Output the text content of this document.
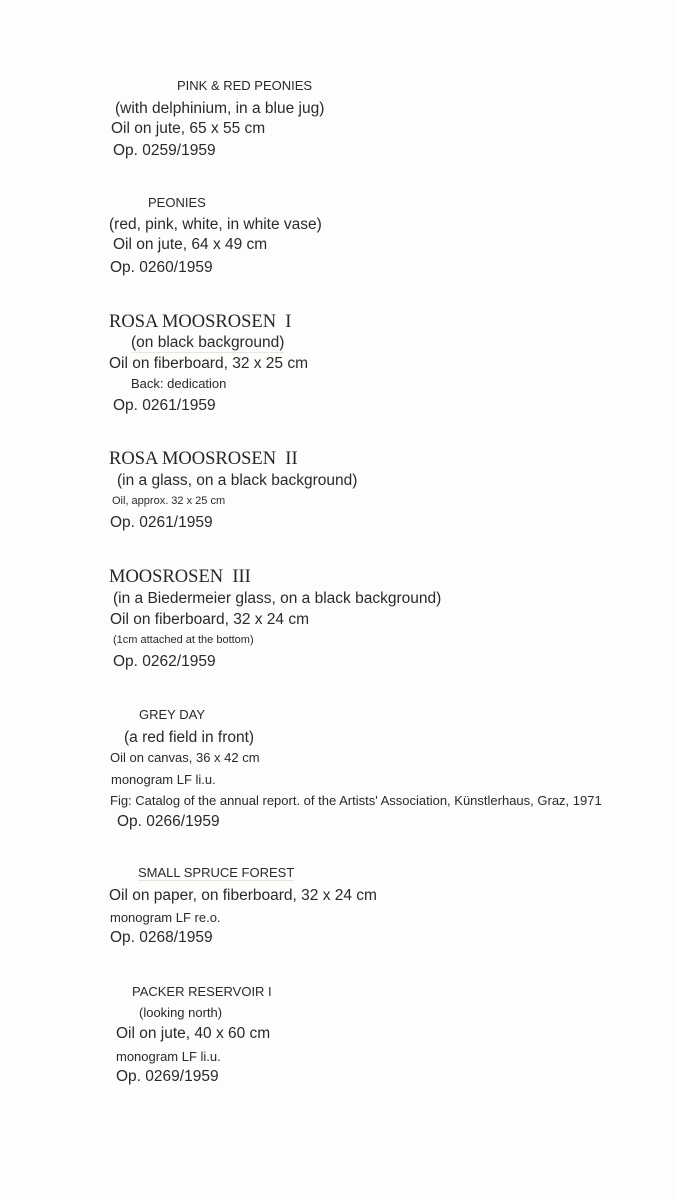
PINK & RED PEONIES
(with delphinium, in a blue jug)
Oil on jute, 65 x 55 cm
Op. 0259/1959
PEONIES
(red, pink, white, in white vase)
Oil on jute, 64 x 49 cm
Op. 0260/1959
ROSA MOOSROSEN  I
(on black background)
Oil on fiberboard, 32 x 25 cm
Back: dedication
Op. 0261/1959
ROSA MOOSROSEN  II
(in a glass, on a black background)
Oil, approx. 32 x 25 cm
Op. 0261/1959
MOOSROSEN  III
(in a Biedermeier glass, on a black background)
Oil on fiberboard, 32 x 24 cm
(1cm attached at the bottom)
Op. 0262/1959
GREY DAY
(a red field in front)
Oil on canvas, 36 x 42 cm
monogram LF li.u.
Fig: Catalog of the annual report. of the Artists' Association, Künstlerhaus, Graz, 1971
Op. 0266/1959
SMALL SPRUCE FOREST
Oil on paper, on fiberboard, 32 x 24 cm
monogram LF re.o.
Op. 0268/1959
PACKER RESERVOIR I
(looking north)
Oil on jute, 40 x 60 cm
monogram LF li.u.
Op. 0269/1959
